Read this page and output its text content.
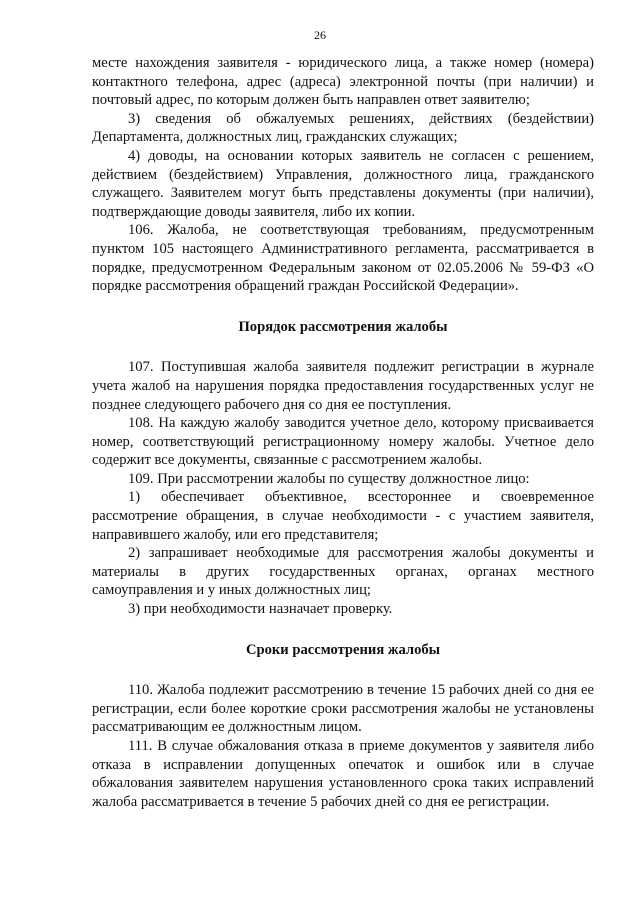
26

месте нахождения заявителя - юридического лица, а также номер (номера) контактного телефона, адрес (адреса) электронной почты (при наличии) и почтовый адрес, по которым должен быть направлен ответ заявителю;

3) сведения об обжалуемых решениях, действиях (бездействии) Департамента, должностных лиц, гражданских служащих;

4) доводы, на основании которых заявитель не согласен с решением, действием (бездействием) Управления, должностного лица, гражданского служащего. Заявителем могут быть представлены документы (при наличии), подтверждающие доводы заявителя, либо их копии.

106. Жалоба, не соответствующая требованиям, предусмотренным пунктом 105 настоящего Административного регламента, рассматривается в порядке, предусмотренном Федеральным законом от 02.05.2006 № 59-ФЗ «О порядке рассмотрения обращений граждан Российской Федерации».

Порядок рассмотрения жалобы

107. Поступившая жалоба заявителя подлежит регистрации в журнале учета жалоб на нарушения порядка предоставления государственных услуг не позднее следующего рабочего дня со дня ее поступления.

108. На каждую жалобу заводится учетное дело, которому присваивается номер, соответствующий регистрационному номеру жалобы. Учетное дело содержит все документы, связанные с рассмотрением жалобы.

109. При рассмотрении жалобы по существу должностное лицо:

1) обеспечивает объективное, всестороннее и своевременное рассмотрение обращения, в случае необходимости - с участием заявителя, направившего жалобу, или его представителя;

2) запрашивает необходимые для рассмотрения жалобы документы и материалы в других государственных органах, органах местного самоуправления и у иных должностных лиц;

3) при необходимости назначает проверку.

Сроки рассмотрения жалобы

110. Жалоба подлежит рассмотрению в течение 15 рабочих дней со дня ее регистрации, если более короткие сроки рассмотрения жалобы не установлены рассматривающим ее должностным лицом.

111. В случае обжалования отказа в приеме документов у заявителя либо отказа в исправлении допущенных опечаток и ошибок или в случае обжалования заявителем нарушения установленного срока таких исправлений жалоба рассматривается в течение 5 рабочих дней со дня ее регистрации.
